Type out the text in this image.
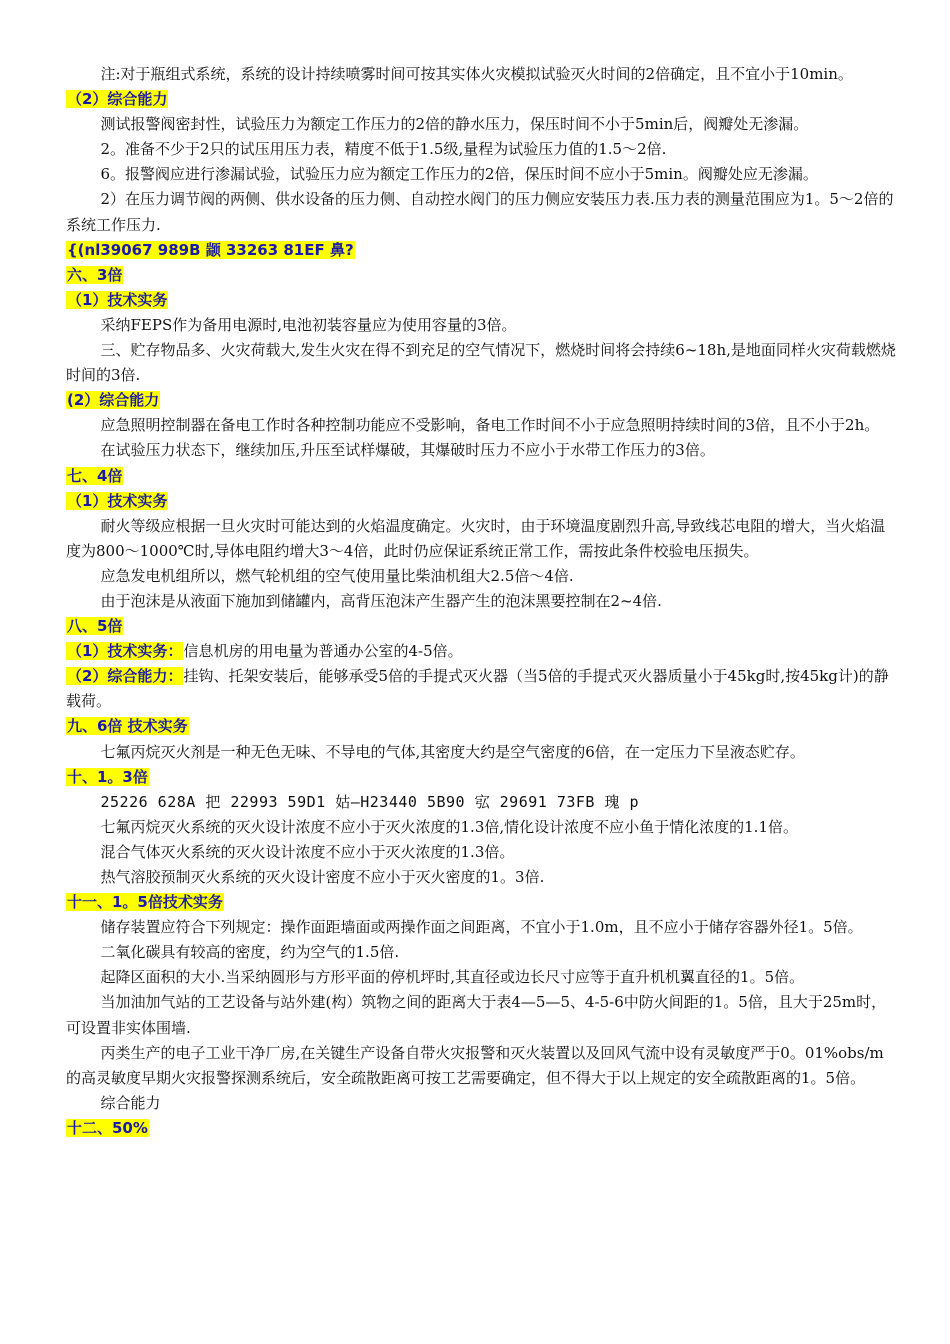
注:对于瓶组式系统，系统的设计持续喷雾时间可按其实体火灾模拟试验灭火时间的2倍确定，且不宜小于10min。
（2）综合能力
测试报警阀密封性，试验压力为额定工作压力的2倍的静水压力，保压时间不小于5min后，阀瓣处无渗漏。
2。准备不少于2只的试压用压力表，精度不低于1.5级,量程为试验压力值的1.5～2倍.
6。报警阀应进行渗漏试验，试验压力应为额定工作压力的2倍，保压时间不应小于5min。阀瓣处应无渗漏。
2）在压力调节阀的两侧、供水设备的压力侧、自动控水阀门的压力侧应安装压力表.压力表的测量范围应为1。5～2倍的系统工作压力.
{(nl39067 989B 颛 33263 81EF 鼻?
六、3倍
（1）技术实务
采纳FEPS作为备用电源时,电池初装容量应为使用容量的3倍。
三、贮存物品多、火灾荷载大,发生火灾在得不到充足的空气情况下，燃烧时间将会持续6~18h,是地面同样火灾荷载燃烧时间的3倍.
(2）综合能力
应急照明控制器在备电工作时各种控制功能应不受影响，备电工作时间不小于应急照明持续时间的3倍，且不小于2h。
在试验压力状态下，继续加压,升压至试样爆破，其爆破时压力不应小于水带工作压力的3倍。
七、4倍
（1）技术实务
耐火等级应根据一旦火灾时可能达到的火焰温度确定。火灾时，由于环境温度剧烈升高,导致线芯电阻的增大，当火焰温度为800～1000℃时,导体电阻约增大3～4倍，此时仍应保证系统正常工作，需按此条件校验电压损失。
应急发电机组所以，燃气轮机组的空气使用量比柴油机组大2.5倍～4倍.
由于泡沫是从液面下施加到储罐内，高背压泡沫产生器产生的泡沫黑要控制在2~4倍.
八、5倍
（1）技术实务：信息机房的用电量为普通办公室的4-5倍。
（2）综合能力：挂钩、托架安装后，能够承受5倍的手提式灭火器（当5倍的手提式灭火器质量小于45kg时,按45kg计)的静载荷。
九、6倍 技术实务
七氟丙烷灭火剂是一种无色无味、不导电的气体,其密度大约是空气密度的6倍，在一定压力下呈液态贮存。
十、1。3倍
25226 628A 把 22993 59D1 姑—H23440 5B90 宖 29691 73FB 瑰 p
七氟丙烷灭火系统的灭火设计浓度不应小于灭火浓度的1.3倍,情化设计浓度不应小鱼于情化浓度的1.1倍。
混合气体灭火系统的灭火设计浓度不应小于灭火浓度的1.3倍。
热气溶胶预制灭火系统的灭火设计密度不应小于灭火密度的1。3倍.
十一、1。5倍技术实务
储存装置应符合下列规定：操作面距墙面或两操作面之间距离，不宜小于1.0m，且不应小于储存容器外径1。5倍。
二氧化碳具有较高的密度，约为空气的1.5倍.
起降区面积的大小.当采纳圆形与方形平面的停机坪时,其直径或边长尺寸应等于直升机机翼直径的1。5倍。
当加油加气站的工艺设备与站外建(构）筑物之间的距离大于表4—5—5、4-5-6中防火间距的1。5倍，且大于25m时，可设置非实体围墙.
丙类生产的电子工业干净厂房,在关键生产设备自带火灾报警和灭火装置以及回风气流中设有灵敏度严于0。01%obs/m的高灵敏度早期火灾报警探测系统后，安全疏散距离可按工艺需要确定，但不得大于以上规定的安全疏散距离的1。5倍。
综合能力
十二、50%
